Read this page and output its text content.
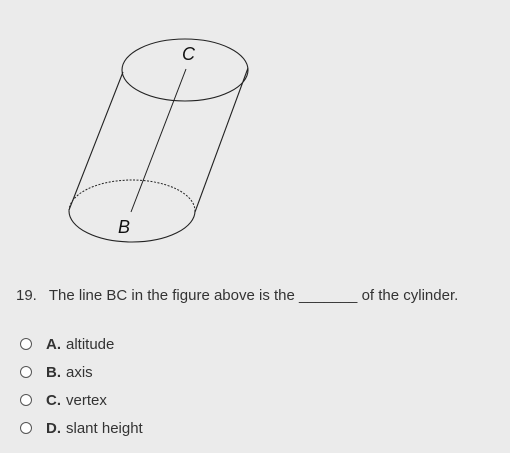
C
B
19. The line BC in the figure above is the _______ of the cylinder.
A. altitude
B. axis
C. vertex
D. slant height
